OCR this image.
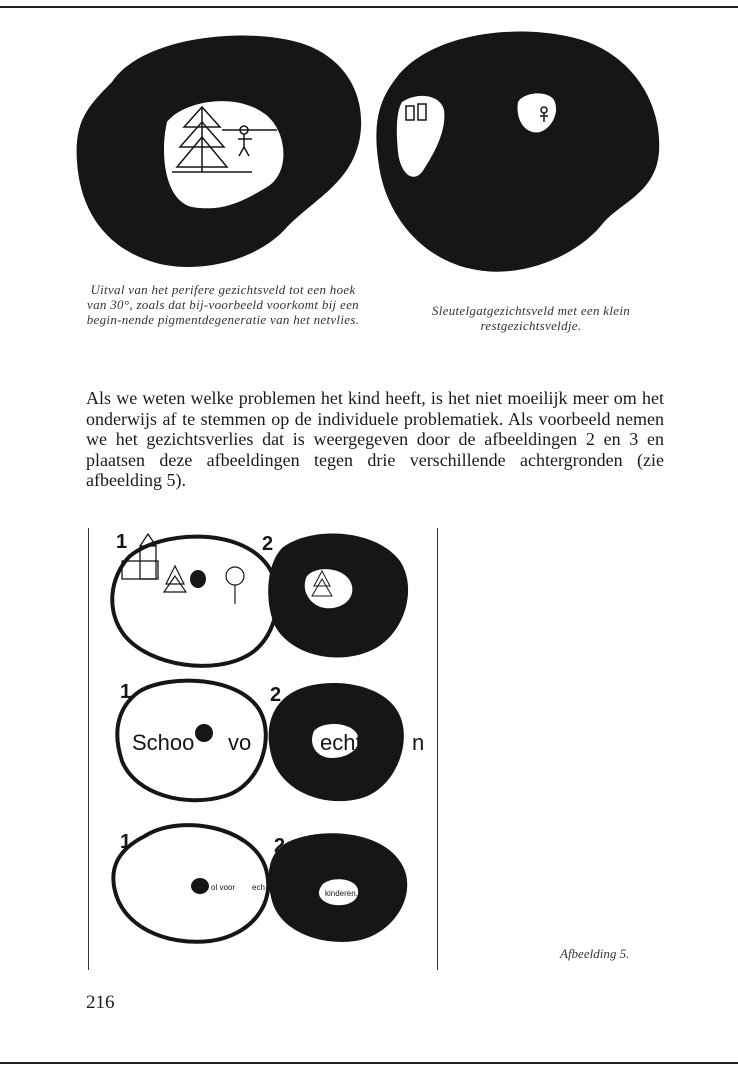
Uitval van het perifere gezichtsveld tot een hoek van 30°, zoals dat bij-voorbeeld voorkomt bij een begin-nende pigmentdegeneratie van het netvlies.
Sleutelgatgezichtsveld met een klein restgezichtsveldje.
Als we weten welke problemen het kind heeft, is het niet moeilijk meer om het onderwijs af te stemmen op de individuele problematiek. Als voorbeeld nemen we het gezichtsverlies dat is weergegeven door de afbeeldingen 2 en 3 en plaatsen deze afbeeldingen tegen drie verschillende achtergronden (zie afbeelding 5).
Schoo vo	echt n
ol voor ech
kinderen.
1	2
1	2
1	2
Afbeelding 5.
216
